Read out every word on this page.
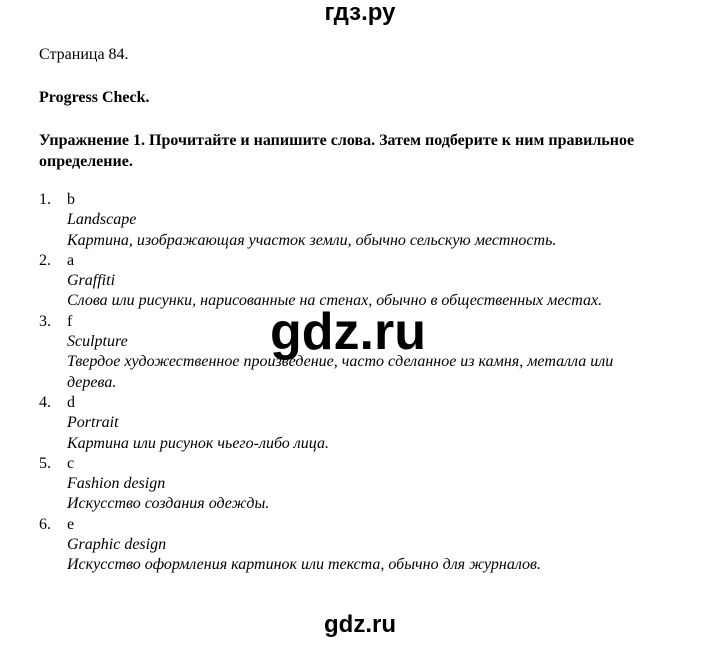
гдз.ру
Страница 84.
Progress Check.
Упражнение 1. Прочитайте и напишите слова. Затем подберите к ним правильное определение.
1. b
Landscape
Картина, изображающая участок земли, обычно сельскую местность.
2. a
Graffiti
Слова или рисунки, нарисованные на стенах, обычно в общественных местах.
3. f
Sculpture
Твердое художественное произведение, часто сделанное из камня, металла или дерева.
4. d
Portrait
Картина или рисунок чьего-либо лица.
5. c
Fashion design
Искусство создания одежды.
6. e
Graphic design
Искусство оформления картинок или текста, обычно для журналов.
gdz.ru
gdz.ru
